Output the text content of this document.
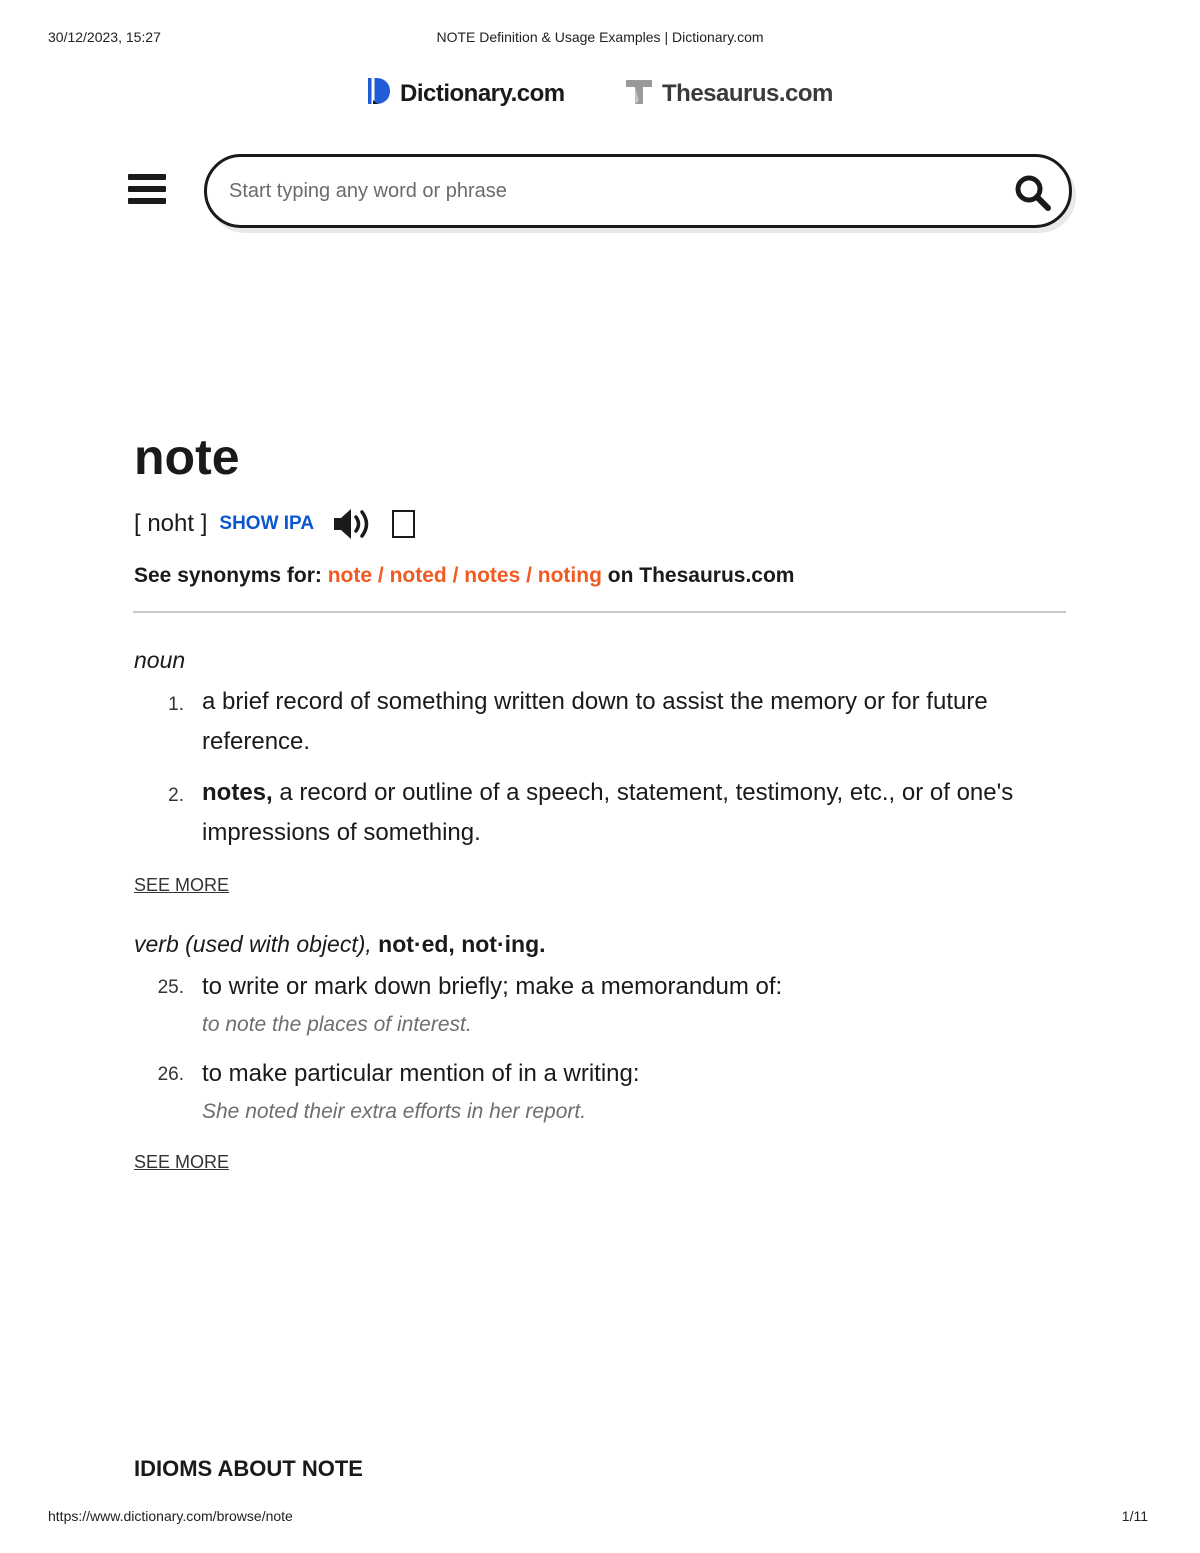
30/12/2023, 15:27	NOTE Definition & Usage Examples | Dictionary.com
Dictionary.com	Thesaurus.com
Start typing any word or phrase
note
[ noht ] SHOW IPA
See synonyms for: note / noted / notes / noting on Thesaurus.com
noun
1. a brief record of something written down to assist the memory or for future reference.
2. notes, a record or outline of a speech, statement, testimony, etc., or of one's impressions of something.
SEE MORE
verb (used with object), not·ed, not·ing.
25. to write or mark down briefly; make a memorandum of:
to note the places of interest.
26. to make particular mention of in a writing:
She noted their extra efforts in her report.
SEE MORE
IDIOMS ABOUT NOTE
https://www.dictionary.com/browse/note	1/11
